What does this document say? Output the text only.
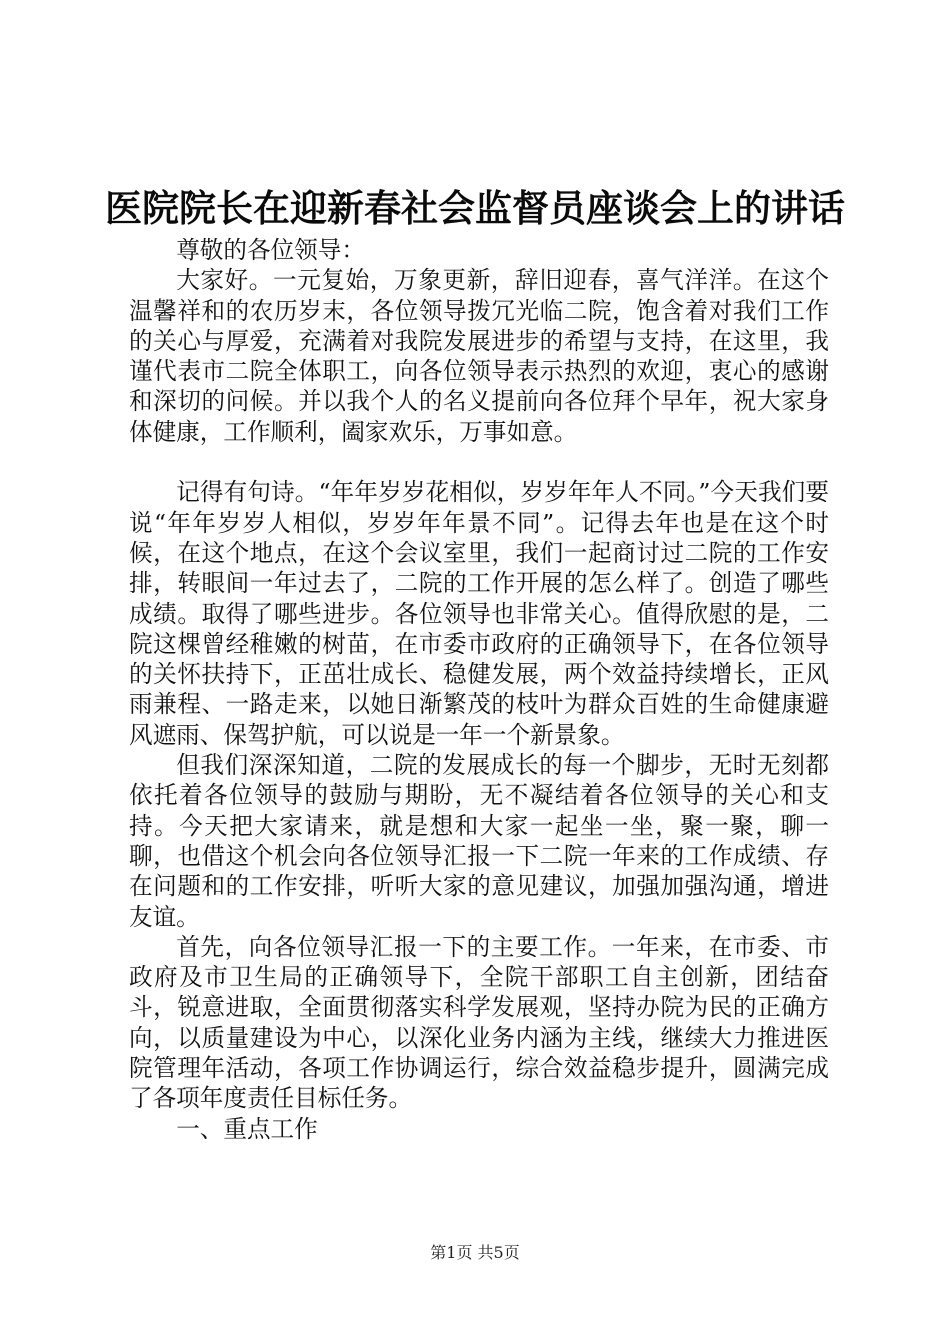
医院院长在迎新春社会监督员座谈会上的讲话

尊敬的各位领导：

大家好。一元复始，万象更新，辞旧迎春，喜气洋洋。在这个温馨祥和的农历岁末，各位领导拨冗光临二院，饱含着对我们工作的关心与厚爱，充满着对我院发展进步的希望与支持，在这里，我谨代表市二院全体职工，向各位领导表示热烈的欢迎，衷心的感谢和深切的问候。并以我个人的名义提前向各位拜个早年，祝大家身体健康，工作顺利，阖家欢乐，万事如意。

记得有句诗。“年年岁岁花相似，岁岁年年人不同。”今天我们要说“年年岁岁人相似，岁岁年年景不同”。记得去年也是在这个时候，在这个地点，在这个会议室里，我们一起商讨过二院的工作安排，转眼间一年过去了，二院的工作开展的怎么样了。创造了哪些成绩。取得了哪些进步。各位领导也非常关心。值得欣慰的是，二院这棵曾经稚嫩的树苗，在市委市政府的正确领导下，在各位领导的关怀扶持下，正茁壮成长、稳健发展，两个效益持续增长，正风雨兼程、一路走来，以她日渐繁茂的枝叶为群众百姓的生命健康避风遮雨、保驾护航，可以说是一年一个新景象。

但我们深深知道，二院的发展成长的每一个脚步，无时无刻都依托着各位领导的鼓励与期盼，无不凝结着各位领导的关心和支持。今天把大家请来，就是想和大家一起坐一坐，聚一聚，聊一聊，也借这个机会向各位领导汇报一下二院一年来的工作成绩、存在问题和的工作安排，听听大家的意见建议，加强加强沟通，增进友谊。

首先，向各位领导汇报一下的主要工作。一年来，在市委、市政府及市卫生局的正确领导下，全院干部职工自主创新，团结奋斗，锐意进取，全面贯彻落实科学发展观，坚持办院为民的正确方向，以质量建设为中心，以深化业务内涵为主线，继续大力推进医院管理年活动，各项工作协调运行，综合效益稳步提升，圆满完成了各项年度责任目标任务。

一、重点工作

第1页 共5页
